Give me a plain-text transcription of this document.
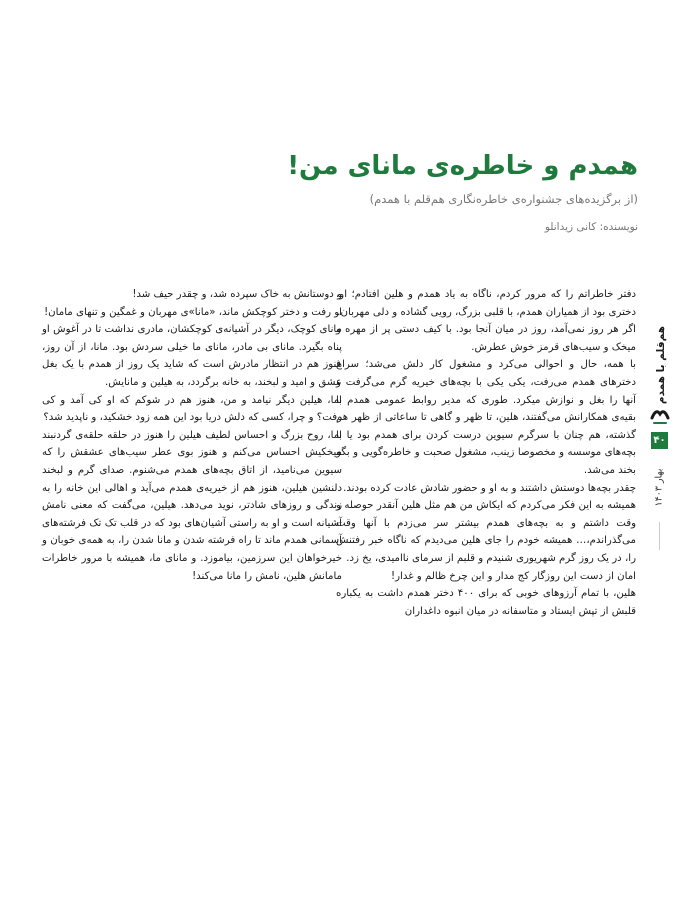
همدم و خاطره‌ی مانای من!
(از برگزیده‌های جشنواره‌ی خاطره‌نگاری هم‌قلم با همدم)
نویسنده: کانی زیدانلو

دفتر خاطراتم را که مرور کردم، ناگاه به یاد همدم و هلین افتادم؛ او، دختری بود از همیاران همدم، با قلبی بزرگ، رویی گشاده و دلی مهربان.

اگر هر روز نمی‌آمد، روز در میان آنجا بود. با کیف دستی پر از مهره و میخک و سیب‌های قرمز خوش عطرش.

با همه، حال و احوالی می‌کرد و مشغول کار دلش می‌شد؛ سراغ دخترهای همدم می‌رفت، یکی یکی با بچه‌های خیریه گرم می‌گرفت و آنها را بغل و نوازش میکرد. طوری که مدیر روابط عمومی همدم با بقیه‌ی همکارانش می‌گفتند، هلین، تا ظهر و گاهی تا ساعاتی از ظهر هم گذشته، هم چنان با سرگرم سیوین درست کردن برای همدم بود یا با بچه‌های موسسه و مخصوصا زینب، مشغول صحبت و خاطره‌گویی و بگو بخند می‌شد.

چقدر بچه‌ها دوستش داشتند و به او و حضور شادش عادت کرده بودند.

همیشه به این فکر می‌کردم که ایکاش من هم مثل هلین آنقدر حوصله و وقت داشتم و به بچه‌های همدم بیشتر سر می‌زدم با آنها وقت می‌گذراندم،… همیشه خودم را جای هلین می‌دیدم که ناگاه خبر رفتنش را، در یک روز گرم شهریوری شنیدم و قلبم از سرمای ناامیدی، یخ زد.

امان از دست این روزگار کج مدار و این چرخ ظالم و غدار!

هلین، با تمام آرزوهای خوبی که برای ۴۰۰ دختر همدم داشت به یکباره قلبش از تپش ایستاد و متاسفانه در میان انبوه داغداران

و دوستانش به خاک سپرده شد، و چقدر حیف شد!

او رفت و دختر کوچکش ماند، «مانا»ی مهربان و غمگین و تنهای مامان!

مانای کوچک، دیگر در آشیانه‌ی کوچکشان، مادری نداشت تا در آغوش او پناه بگیرد. مانای بی مادر، مانای ما خیلی سردش بود. مانا، از آن روز، هنوز هم در انتظار مادرش است که شاید یک روز از همدم با یک بغل عشق و امید و لبخند، به خانه برگردد، به هیلین و مانایش.

اما، هیلین دیگر نیامد و من، هنوز هم در شوکم که او کی آمد و کی رفت؟ و چرا، کسی که دلش دریا بود این همه زود خشکید، و ناپدید شد؟

اما، روح بزرگ و احساس لطیف هیلین را هنوز در حلقه حلقه‌ی گردنبند میخکیش احساس می‌کنم و هنوز بوی عطر سیب‌های عشقش را که سیوین می‌نامید، از اتاق بچه‌های همدم می‌شنوم. صدای گرم و لبخند دلنشین هیلین، هنوز هم از خیریه‌ی همدم می‌آید و اهالی این خانه را به زندگی و روزهای شادتر، نوید می‌دهد. هیلین، می‌گفت که معنی نامش آشیانه است و او به راستی آشیان‌های بود که در قلب تک تک فرشته‌های آسمانی همدم ماند تا راه فرشته شدن و مانا شدن را، به همه‌ی خوبان و خیرخواهان این سرزمین، بیاموزد. و مانای ما، همیشه با مرور خاطرات مامانش هلین، نامش را مانا می‌کند!

هم‌قلم با همدم
۴۰
بهار ۱۴۰۳
